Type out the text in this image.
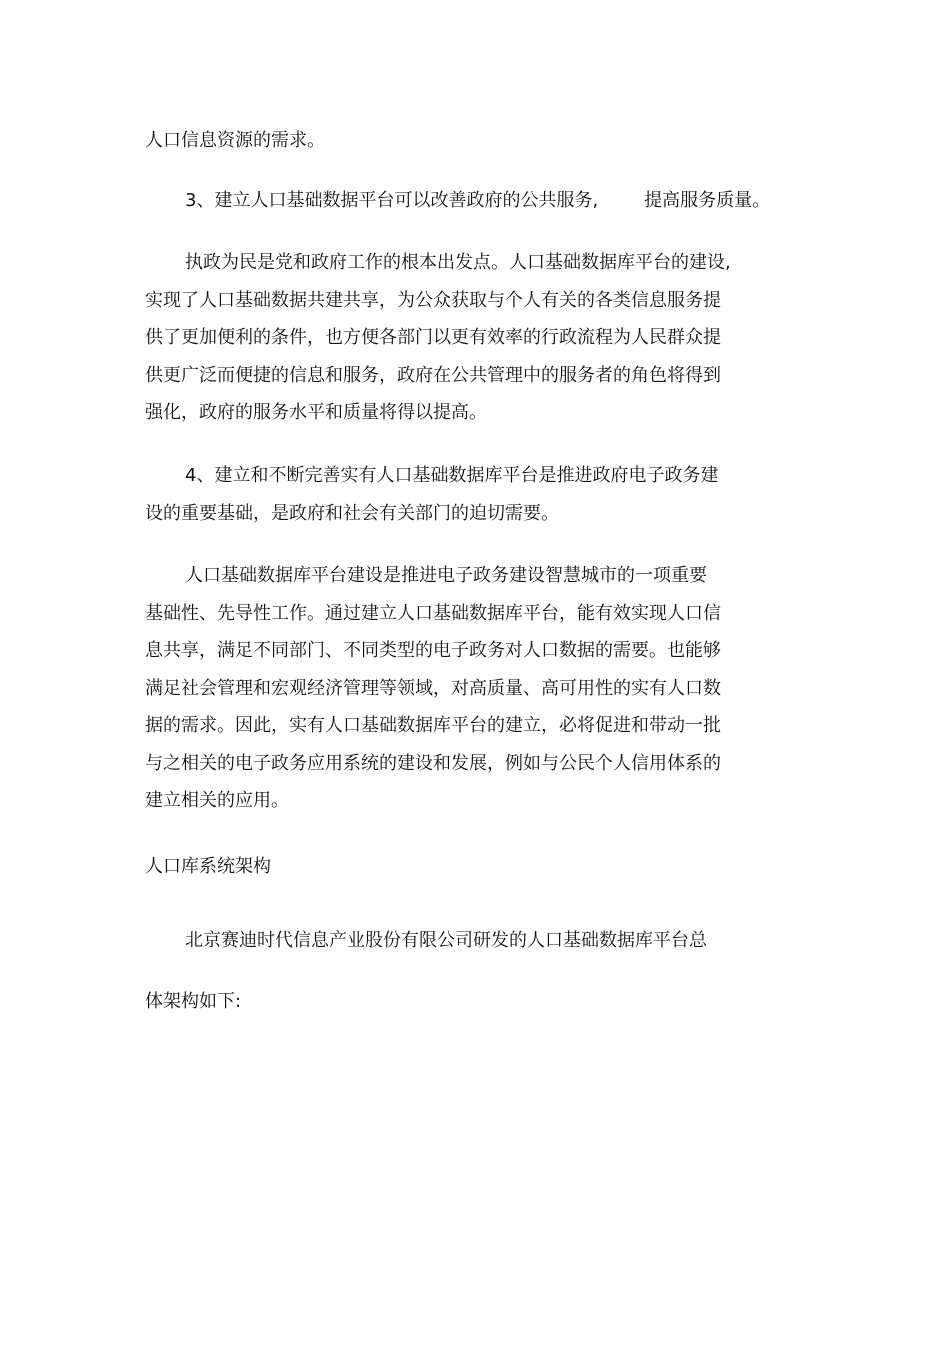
人口信息资源的需求。

3、建立人口基础数据平台可以改善政府的公共服务,	提高服务质量。

执政为民是党和政府工作的根本出发点。人口基础数据库平台的建设,
实现了人口基础数据共建共享，为公众获取与个人有关的各类信息服务提
供了更加便利的条件，也方便各部门以更有效率的行政流程为人民群众提
供更广泛而便捷的信息和服务，政府在公共管理中的服务者的角色将得到
强化，政府的服务水平和质量将得以提高。

4、建立和不断完善实有人口基础数据库平台是推进政府电子政务建
设的重要基础，是政府和社会有关部门的迫切需要。

人口基础数据库平台建设是推进电子政务建设智慧城市的一项重要
基础性、先导性工作。通过建立人口基础数据库平台，能有效实现人口信
息共享，满足不同部门、不同类型的电子政务对人口数据的需要。也能够
满足社会管理和宏观经济管理等领域，对高质量、高可用性的实有人口数
据的需求。因此，实有人口基础数据库平台的建立，必将促进和带动一批
与之相关的电子政务应用系统的建设和发展，例如与公民个人信用体系的
建立相关的应用。

人口库系统架构

北京赛迪时代信息产业股份有限公司研发的人口基础数据库平台总

体架构如下:
